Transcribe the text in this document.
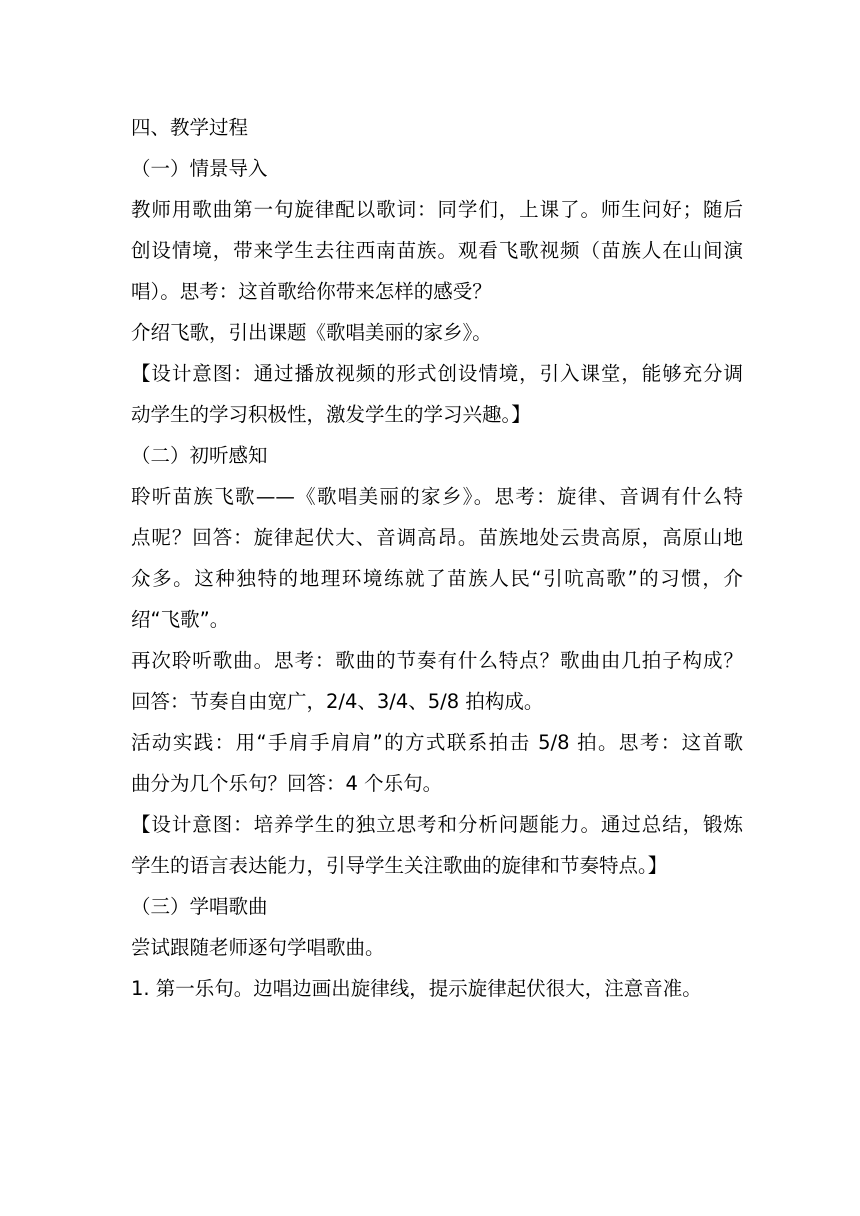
四、教学过程
（一）情景导入
教师用歌曲第一句旋律配以歌词：同学们，上课了。师生问好；随后
创设情境，带来学生去往西南苗族。观看飞歌视频（苗族人在山间演
唱）。思考：这首歌给你带来怎样的感受？
介绍飞歌，引出课题《歌唱美丽的家乡》。
【设计意图：通过播放视频的形式创设情境，引入课堂，能够充分调
动学生的学习积极性，激发学生的学习兴趣。】
（二）初听感知
聆听苗族飞歌——《歌唱美丽的家乡》。思考：旋律、音调有什么特
点呢？回答：旋律起伏大、音调高昂。苗族地处云贵高原，高原山地
众多。这种独特的地理环境练就了苗族人民“引吭高歌”的习惯，介
绍“飞歌”。
再次聆听歌曲。思考：歌曲的节奏有什么特点？歌曲由几拍子构成？
回答：节奏自由宽广，2/4、3/4、5/8 拍构成。
活动实践：用“手肩手肩肩”的方式联系拍击 5/8 拍。思考：这首歌
曲分为几个乐句？回答：4 个乐句。
【设计意图：培养学生的独立思考和分析问题能力。通过总结，锻炼
学生的语言表达能力，引导学生关注歌曲的旋律和节奏特点。】
（三）学唱歌曲
尝试跟随老师逐句学唱歌曲。
1. 第一乐句。边唱边画出旋律线，提示旋律起伏很大，注意音准。
